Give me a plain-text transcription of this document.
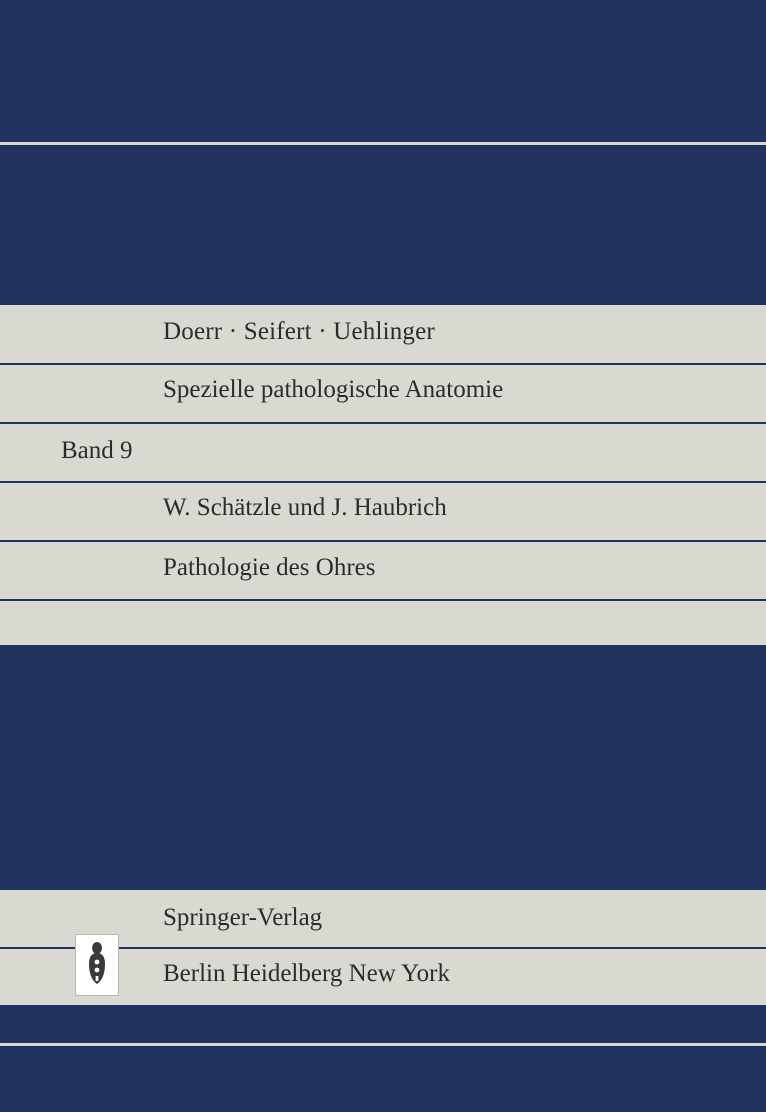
Doerr · Seifert · Uehlinger
Spezielle pathologische Anatomie
Band 9
W. Schätzle und J. Haubrich
Pathologie des Ohres
Springer-Verlag
Berlin Heidelberg New York
